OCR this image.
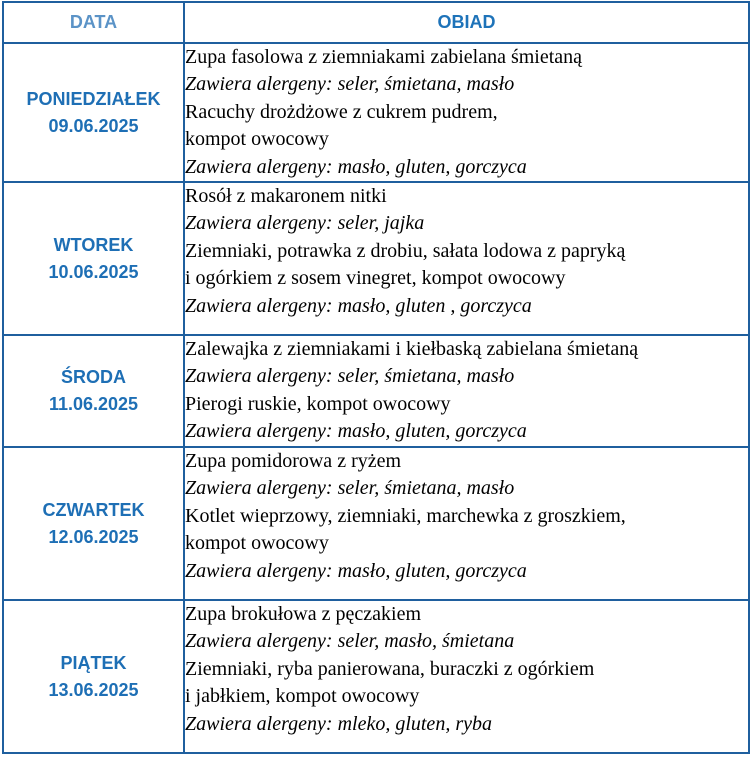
DATA	OBIAD

PONIEDZIAŁEK
09.06.2025	Zupa fasolowa z ziemniakami zabielana śmietaną
Zawiera alergeny: seler, śmietana, masło
Racuchy drożdżowe z cukrem pudrem,
kompot owocowy
Zawiera alergeny: masło, gluten, gorczyca

WTOREK
10.06.2025	Rosół z makaronem nitki
Zawiera alergeny: seler, jajka
Ziemniaki, potrawka z drobiu, sałata lodowa z papryką
i ogórkiem z sosem vinegret, kompot owocowy
Zawiera alergeny: masło, gluten , gorczyca

ŚRODA
11.06.2025	Zalewajka z ziemniakami i kiełbaską zabielana śmietaną
Zawiera alergeny: seler, śmietana, masło
Pierogi ruskie, kompot owocowy
Zawiera alergeny: masło, gluten, gorczyca

CZWARTEK
12.06.2025	Zupa pomidorowa z ryżem
Zawiera alergeny: seler, śmietana, masło
Kotlet wieprzowy, ziemniaki, marchewka z groszkiem,
kompot owocowy
Zawiera alergeny: masło, gluten, gorczyca

PIĄTEK
13.06.2025	Zupa brokułowa z pęczakiem
Zawiera alergeny: seler, masło, śmietana
Ziemniaki, ryba panierowana, buraczki z ogórkiem
i jabłkiem, kompot owocowy
Zawiera alergeny: mleko, gluten, ryba
